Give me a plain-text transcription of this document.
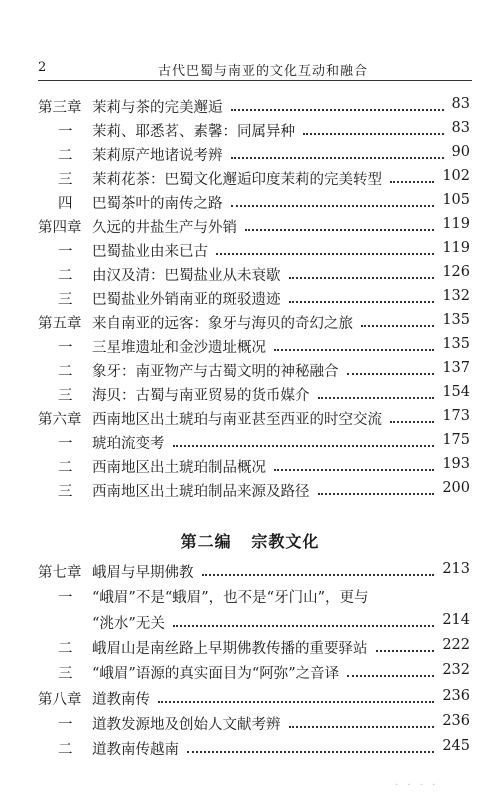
2	古代巴蜀与南亚的文化互动和融合
第三章 茉莉与茶的完美邂逅	83
一 茉莉、耶悉茗、素馨：同属异种	83
二 茉莉原产地诸说考辨	90
三 茉莉花茶：巴蜀文化邂逅印度茉莉的完美转型	102
四 巴蜀茶叶的南传之路	105
第四章 久远的井盐生产与外销	119
一 巴蜀盐业由来已古	119
二 由汉及清：巴蜀盐业从未衰歇	126
三 巴蜀盐业外销南亚的斑驳遗迹	132
第五章 来自南亚的远客：象牙与海贝的奇幻之旅	135
一 三星堆遗址和金沙遗址概况	135
二 象牙：南亚物产与古蜀文明的神秘融合	137
三 海贝：古蜀与南亚贸易的货币媒介	154
第六章 西南地区出土琥珀与南亚甚至西亚的时空交流	173
一 琥珀流变考	175
二 西南地区出土琥珀制品概况	193
三 西南地区出土琥珀制品来源及路径	200
第二编 宗教文化
第七章 峨眉与早期佛教	213
一 “峨眉”不是“蛾眉”，也不是“牙门山”，更与
“洮水”无关	214
二 峨眉山是南丝路上早期佛教传播的重要驿站	222
三 “峨眉”语源的真实面目为“阿弥”之音译	232
第八章 道教南传	236
一 道教发源地及创始人文献考辨	236
二 道教南传越南	245
· · · ·
